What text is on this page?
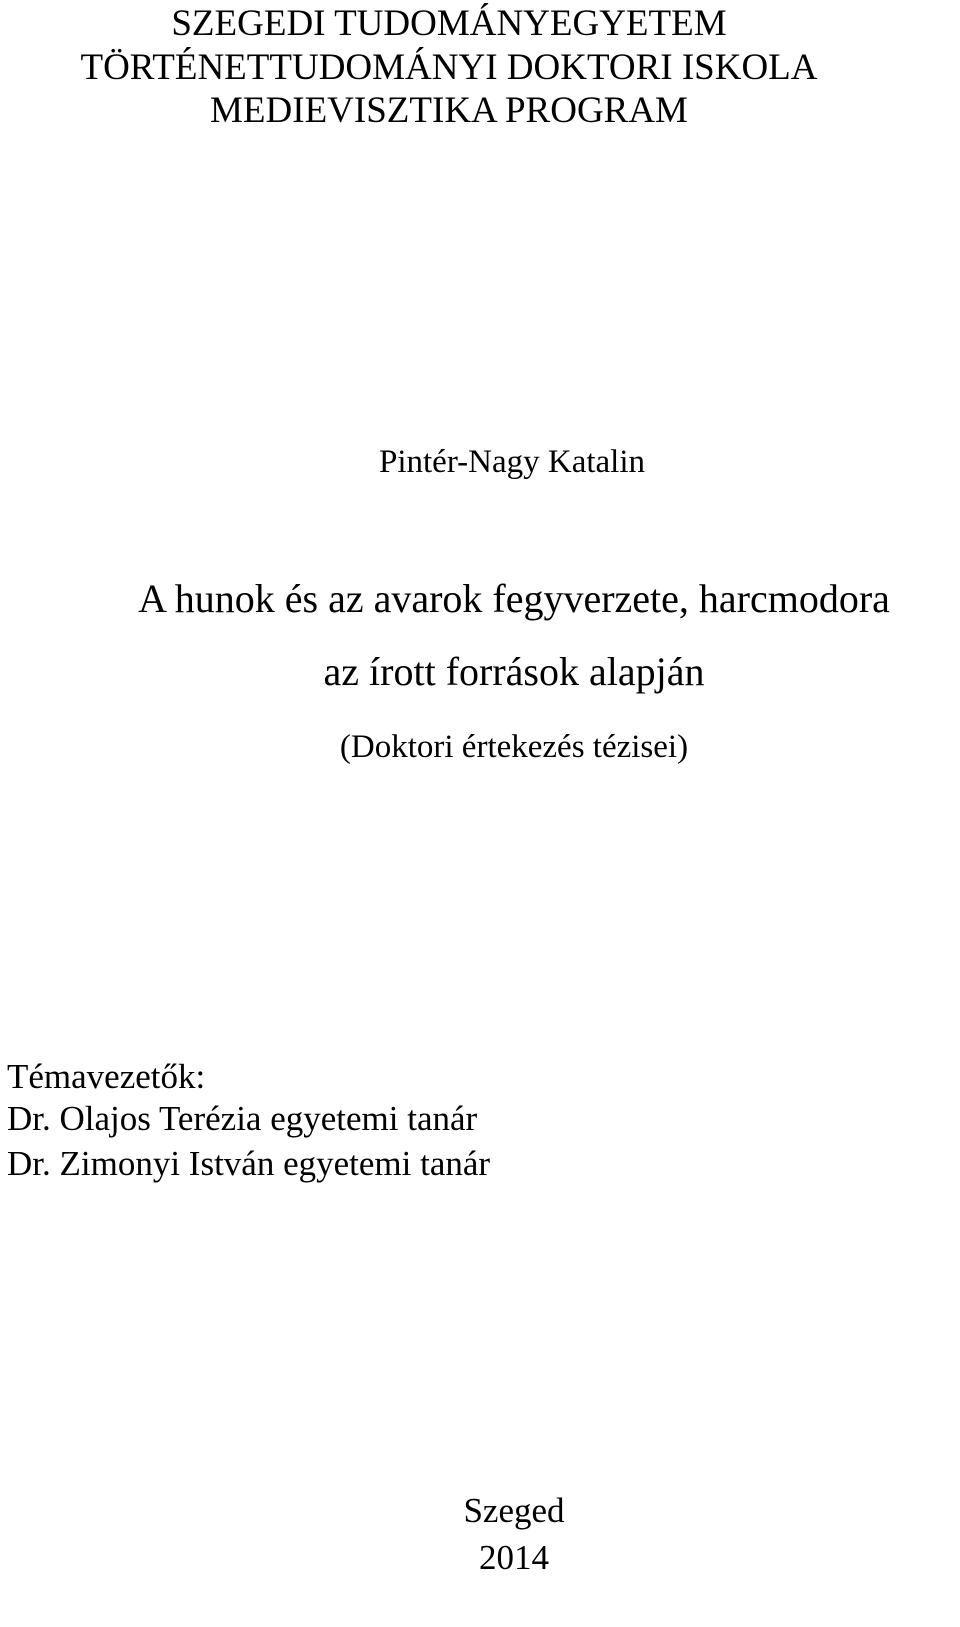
SZEGEDI TUDOMÁNYEGYETEM
TÖRTÉNETTUDOMÁNYI DOKTORI ISKOLA
MEDIEVISZTIKA PROGRAM
Pintér-Nagy Katalin
A hunok és az avarok fegyverzete, harcmodora
az írott források alapján
(Doktori értekezés tézisei)
Témavezetők:
Dr. Olajos Terézia egyetemi tanár
Dr. Zimonyi István egyetemi tanár
Szeged
2014
